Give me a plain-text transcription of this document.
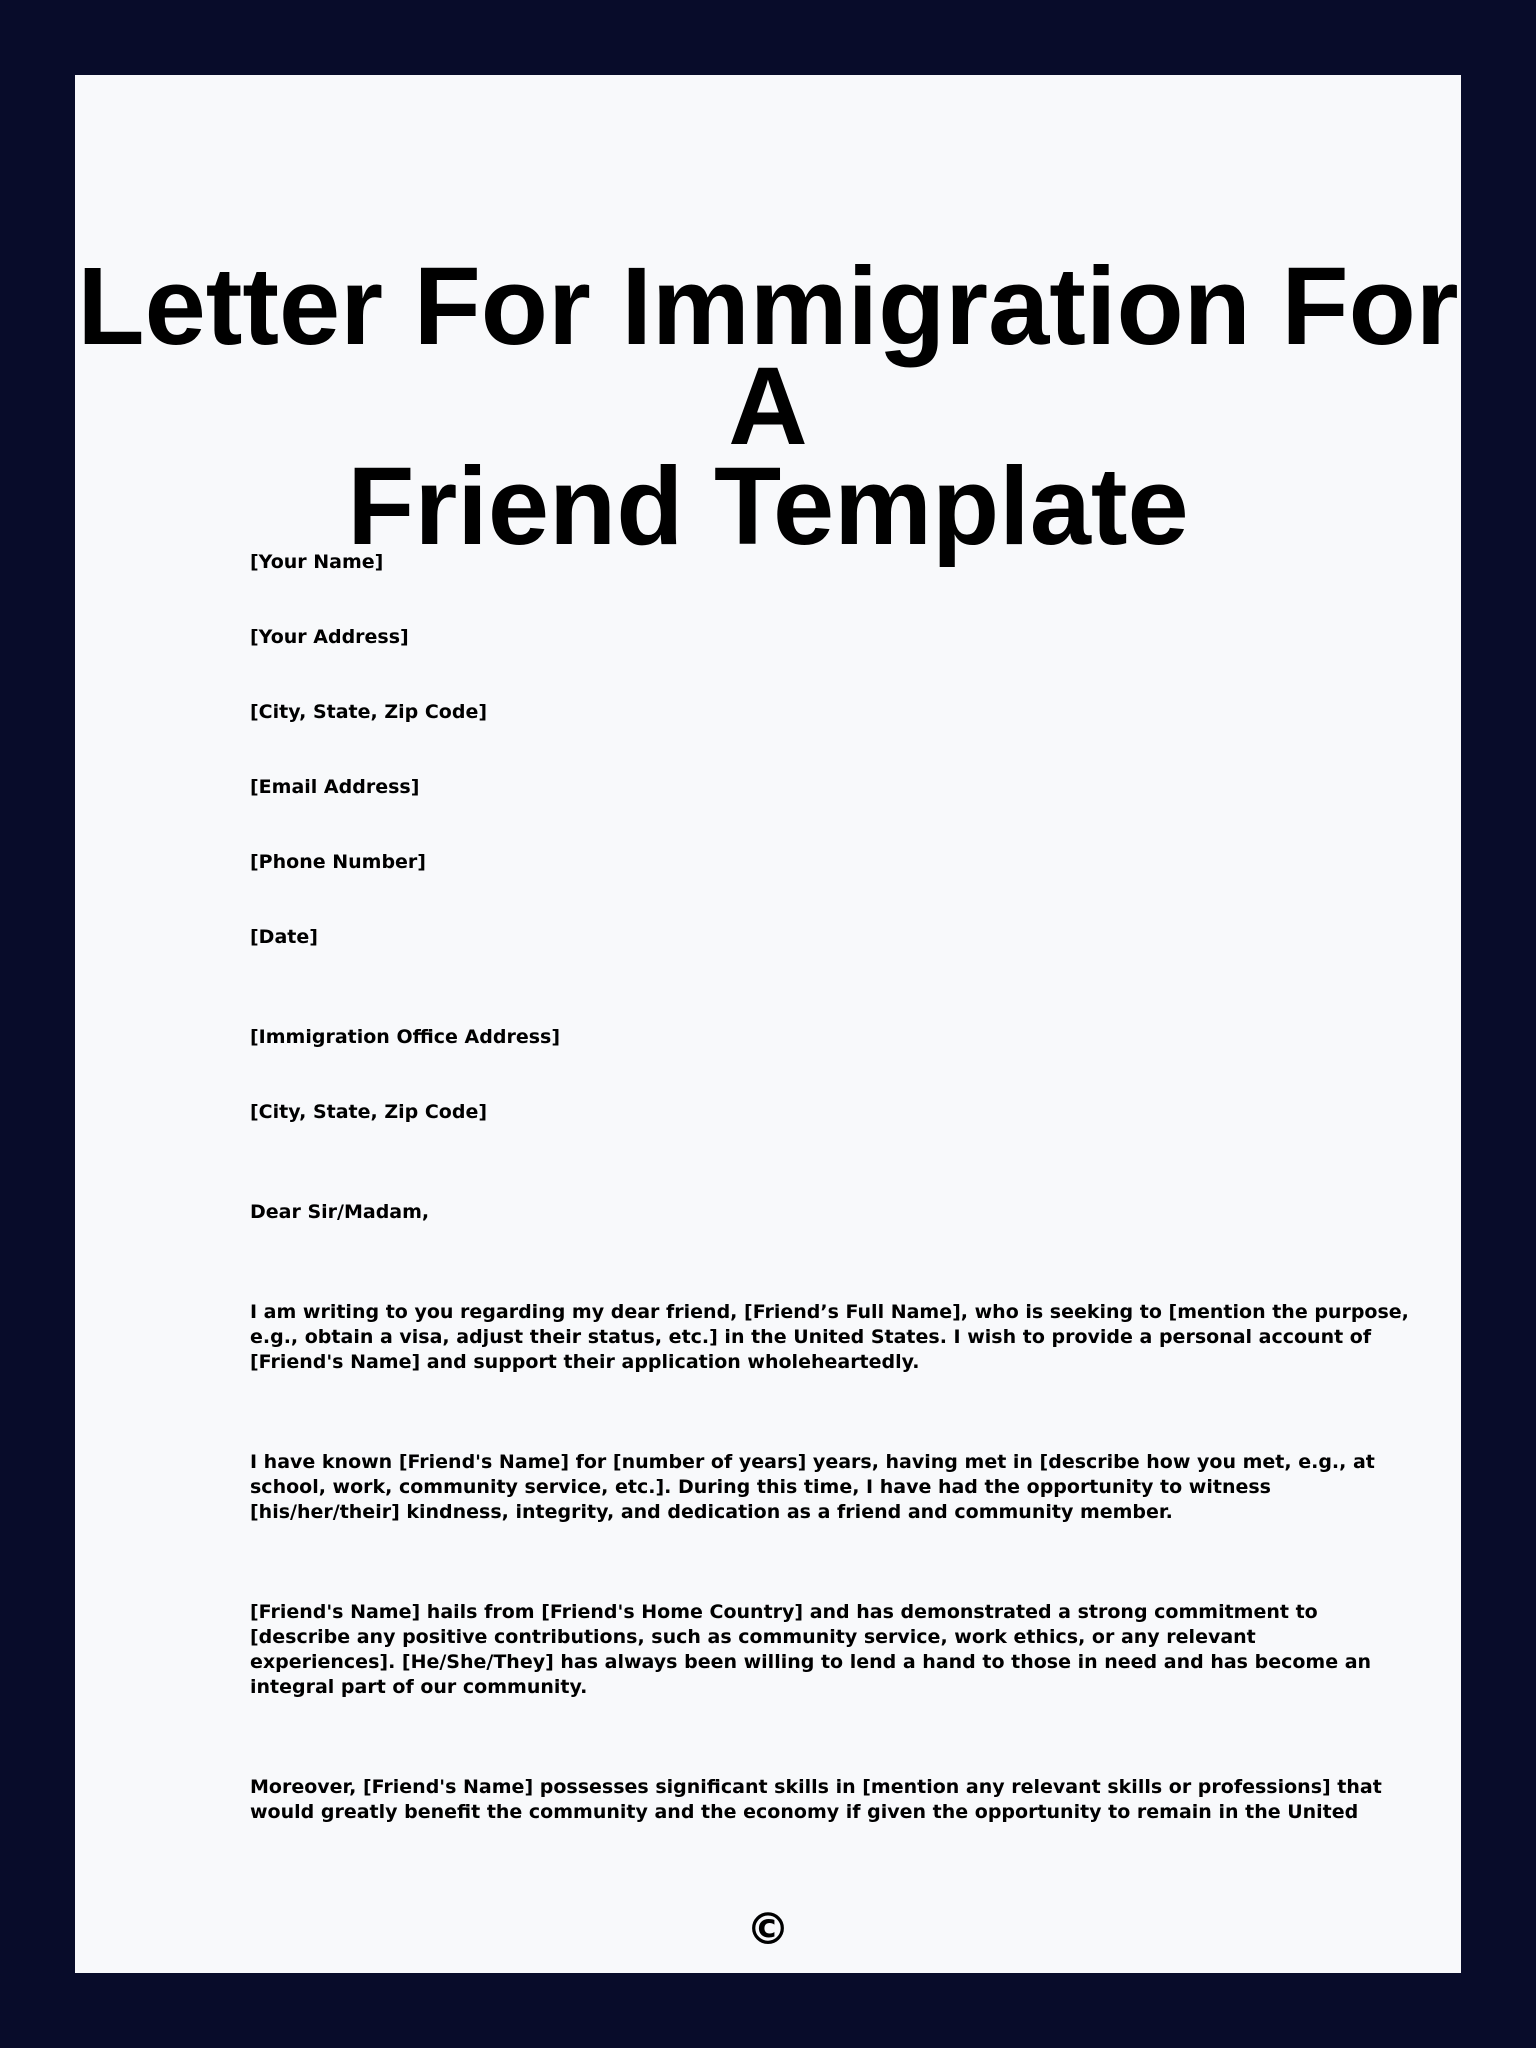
Letter For Immigration For A
Friend Template

[Your Name]

[Your Address]

[City, State, Zip Code]

[Email Address]

[Phone Number]

[Date]

[Immigration Office Address]

[City, State, Zip Code]

Dear Sir/Madam,

I am writing to you regarding my dear friend, [Friend’s Full Name], who is seeking to [mention the purpose,
e.g., obtain a visa, adjust their status, etc.] in the United States. I wish to provide a personal account of
[Friend's Name] and support their application wholeheartedly.
I have known [Friend's Name] for [number of years] years, having met in [describe how you met, e.g., at
school, work, community service, etc.]. During this time, I have had the opportunity to witness
[his/her/their] kindness, integrity, and dedication as a friend and community member.
[Friend's Name] hails from [Friend's Home Country] and has demonstrated a strong commitment to
[describe any positive contributions, such as community service, work ethics, or any relevant
experiences]. [He/She/They] has always been willing to lend a hand to those in need and has become an
integral part of our community.
Moreover, [Friend's Name] possesses significant skills in [mention any relevant skills or professions] that
would greatly benefit the community and the economy if given the opportunity to remain in the United
©
